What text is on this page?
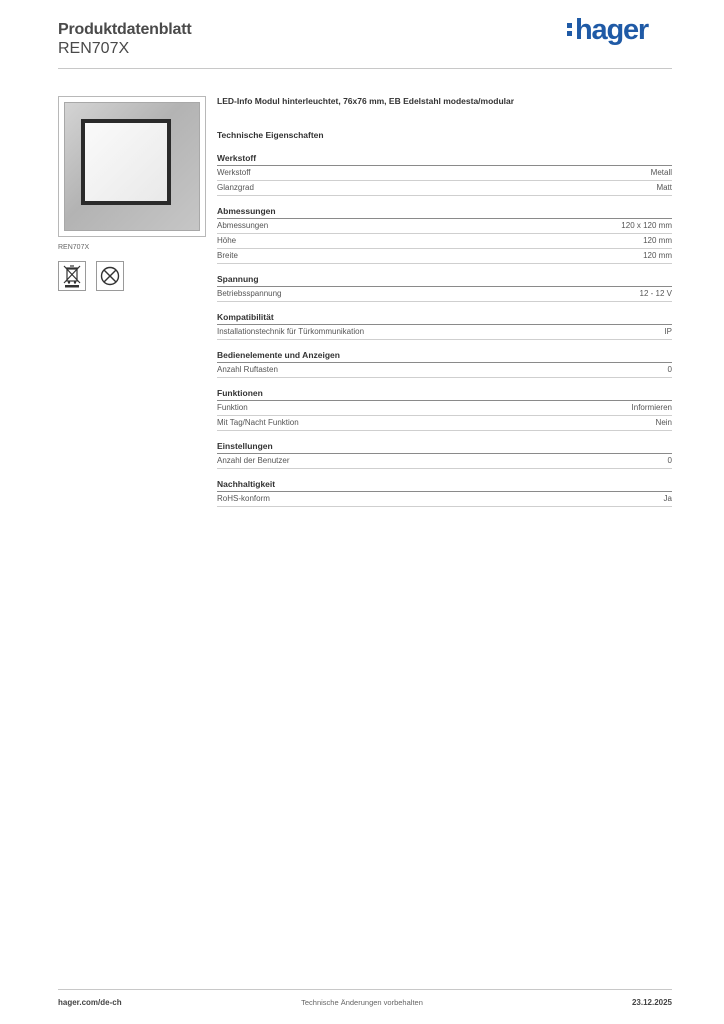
Produktdatenblatt
REN707X
hager
REN707X
LED-Info Modul hinterleuchtet, 76x76 mm, EB Edelstahl modesta/modular
Technische Eigenschaften
Werkstoff
Werkstoff	Metall
Glanzgrad	Matt
Abmessungen
Abmessungen	120 x 120 mm
Höhe	120 mm
Breite	120 mm
Spannung
Betriebsspannung	12 - 12 V
Kompatibilität
Installationstechnik für Türkommunikation	IP
Bedienelemente und Anzeigen
Anzahl Ruftasten	0
Funktionen
Funktion	Informieren
Mit Tag/Nacht Funktion	Nein
Einstellungen
Anzahl der Benutzer	0
Nachhaltigkeit
RoHS-konform	Ja
hager.com/de-ch	Technische Änderungen vorbehalten	23.12.2025
